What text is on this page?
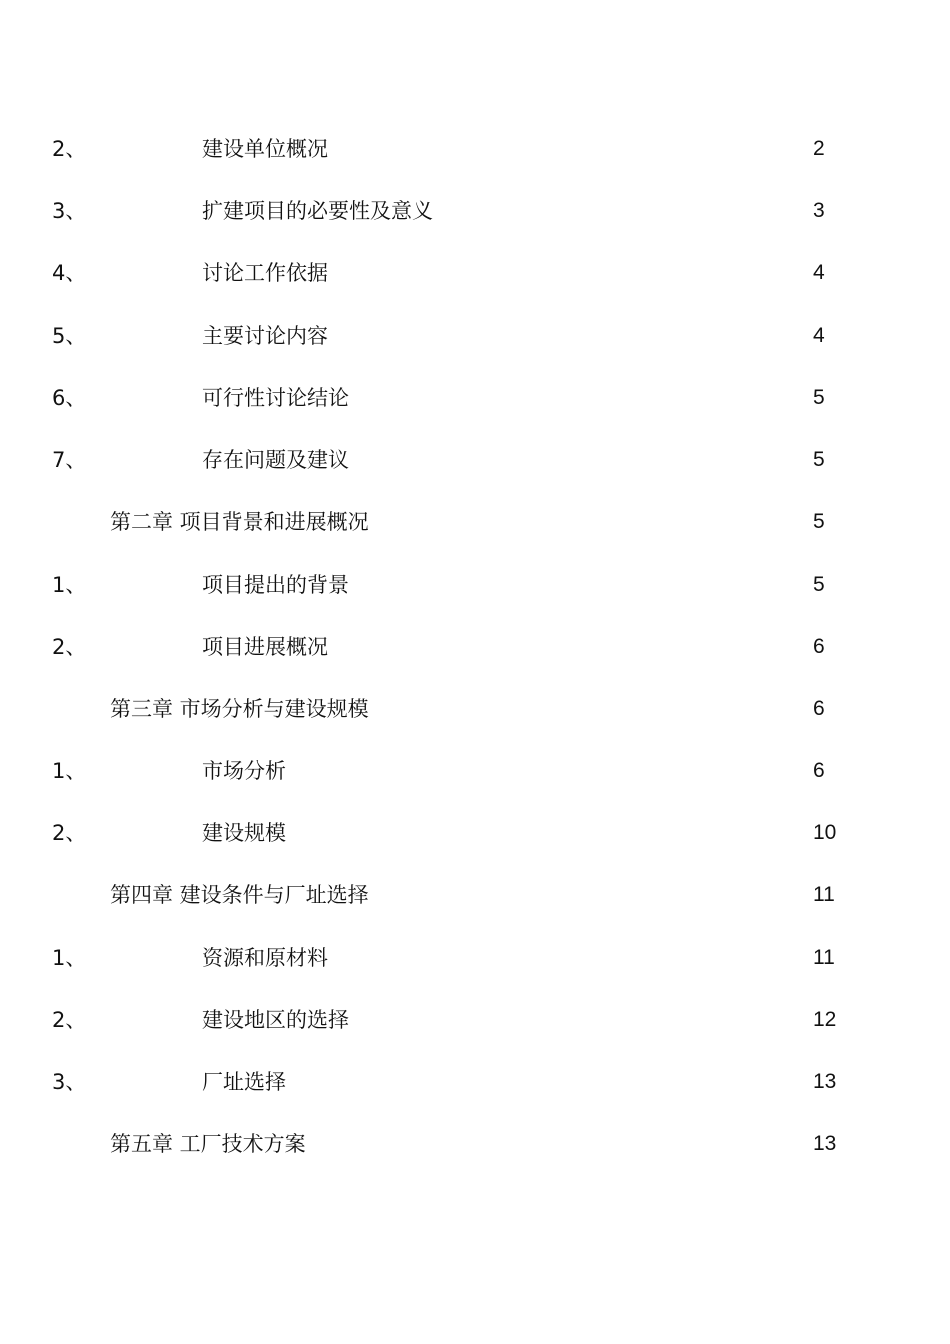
2、	建设单位概况	2
3、	扩建项目的必要性及意义	3
4、	讨论工作依据	4
5、	主要讨论内容	4
6、	可行性讨论结论	5
7、	存在问题及建议	5
第二章 项目背景和进展概况	5
1、	项目提出的背景	5
2、	项目进展概况	6
第三章 市场分析与建设规模	6
1、	市场分析	6
2、	建设规模	10
第四章 建设条件与厂址选择	11
1、	资源和原材料	11
2、	建设地区的选择	12
3、	厂址选择	13
第五章 工厂技术方案	13
